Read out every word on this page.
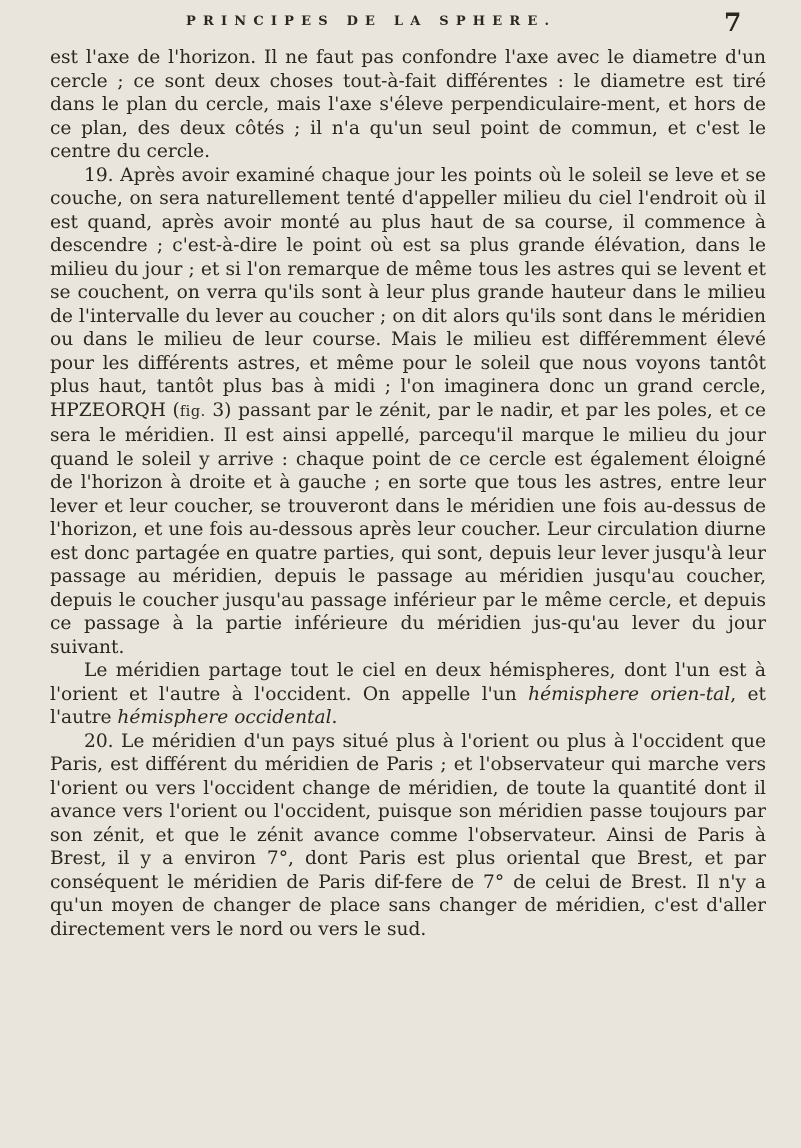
PRINCIPES DE LA SPHERE.	7

est l'axe de l'horizon. Il ne faut pas confondre l'axe avec le diametre d'un cercle ; ce sont deux choses tout-à-fait différentes : le diametre est tiré dans le plan du cercle, mais l'axe s'éleve perpendiculaire-ment, et hors de ce plan, des deux côtés ; il n'a qu'un seul point de commun, et c'est le centre du cercle.

19. Après avoir examiné chaque jour les points où le soleil se leve et se couche, on sera naturellement tenté d'appeller milieu du ciel l'endroit où il est quand, après avoir monté au plus haut de sa course, il commence à descendre ; c'est-à-dire le point où est sa plus grande élévation, dans le milieu du jour ; et si l'on remarque de même tous les astres qui se levent et se couchent, on verra qu'ils sont à leur plus grande hauteur dans le milieu de l'intervalle du lever au coucher ; on dit alors qu'ils sont dans le méridien ou dans le milieu de leur course. Mais le milieu est différemment élevé pour les différents astres, et même pour le soleil que nous voyons tantôt plus haut, tantôt plus bas à midi ; l'on imaginera donc un grand cercle, HPZEORQH (fig. 3) passant par le zénit, par le nadir, et par les poles, et ce sera le méridien. Il est ainsi appellé, parcequ'il marque le milieu du jour quand le soleil y arrive : chaque point de ce cercle est également éloigné de l'horizon à droite et à gauche ; en sorte que tous les astres, entre leur lever et leur coucher, se trouveront dans le méridien une fois au-dessus de l'horizon, et une fois au-dessous après leur coucher. Leur circulation diurne est donc partagée en quatre parties, qui sont, depuis leur lever jusqu'à leur passage au méridien, depuis le passage au méridien jusqu'au coucher, depuis le coucher jusqu'au passage inférieur par le même cercle, et depuis ce passage à la partie inférieure du méridien jus-qu'au lever du jour suivant.

Le méridien partage tout le ciel en deux hémispheres, dont l'un est à l'orient et l'autre à l'occident. On appelle l'un hémisphere orien-tal, et l'autre hémisphere occidental.

20. Le méridien d'un pays situé plus à l'orient ou plus à l'occident que Paris, est différent du méridien de Paris ; et l'observateur qui marche vers l'orient ou vers l'occident change de méridien, de toute la quantité dont il avance vers l'orient ou l'occident, puisque son méridien passe toujours par son zénit, et que le zénit avance comme l'observateur. Ainsi de Paris à Brest, il y a environ 7°, dont Paris est plus oriental que Brest, et par conséquent le méridien de Paris dif-fere de 7° de celui de Brest. Il n'y a qu'un moyen de changer de place sans changer de méridien, c'est d'aller directement vers le nord ou vers le sud.
